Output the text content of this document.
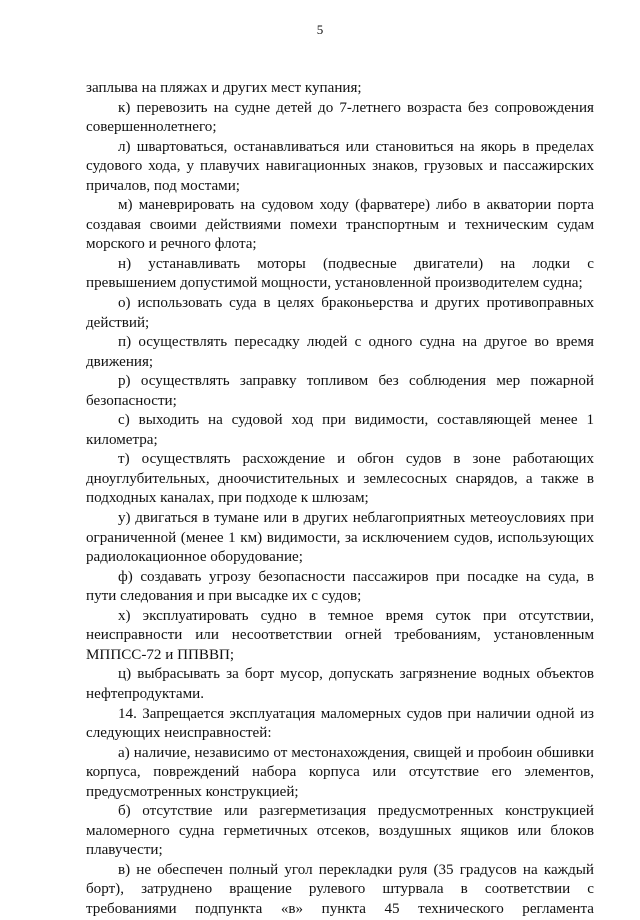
5

заплыва на пляжах и других мест купания;

к) перевозить на судне детей до 7-летнего возраста без сопровождения совершеннолетнего;

л) швартоваться, останавливаться или становиться на якорь в пределах судового хода, у плавучих навигационных знаков, грузовых и пассажирских причалов, под мостами;

м) маневрировать на судовом ходу (фарватере) либо в акватории порта создавая своими действиями помехи транспортным и техническим судам морского и речного флота;

н) устанавливать моторы (подвесные двигатели) на лодки с превышением допустимой мощности, установленной производителем судна;

о) использовать суда в целях браконьерства и других противоправных действий;

п) осуществлять пересадку людей с одного судна на другое во время движения;

р) осуществлять заправку топливом без соблюдения мер пожарной безопасности;

с) выходить на судовой ход при видимости, составляющей менее 1 километра;

т) осуществлять расхождение и обгон судов в зоне работающих дноуглубительных, дноочистительных и землесосных снарядов, а также в подходных каналах, при подходе к шлюзам;

у) двигаться в тумане или в других неблагоприятных метеоусловиях при ограниченной (менее 1 км) видимости, за исключением судов, использующих радиолокационное оборудование;

ф) создавать угрозу безопасности пассажиров при посадке на суда, в пути следования и при высадке их с судов;

х) эксплуатировать судно в темное время суток при отсутствии, неисправности или несоответствии огней требованиям, установленным МППСС-72 и ППВВП;

ц) выбрасывать за борт мусор, допускать загрязнение водных объектов нефтепродуктами.

14. Запрещается эксплуатация маломерных судов при наличии одной из следующих неисправностей:

а) наличие, независимо от местонахождения, свищей и пробоин обшивки корпуса, повреждений набора корпуса или отсутствие его элементов, предусмотренных конструкцией;

б) отсутствие или разгерметизация предусмотренных конструкцией маломерного судна герметичных отсеков, воздушных ящиков или блоков плавучести;

в) не обеспечен полный угол перекладки руля (35 градусов на каждый борт), затруднено вращение рулевого штурвала в соответствии с требованиями подпункта «в» пункта 45 технического регламента
